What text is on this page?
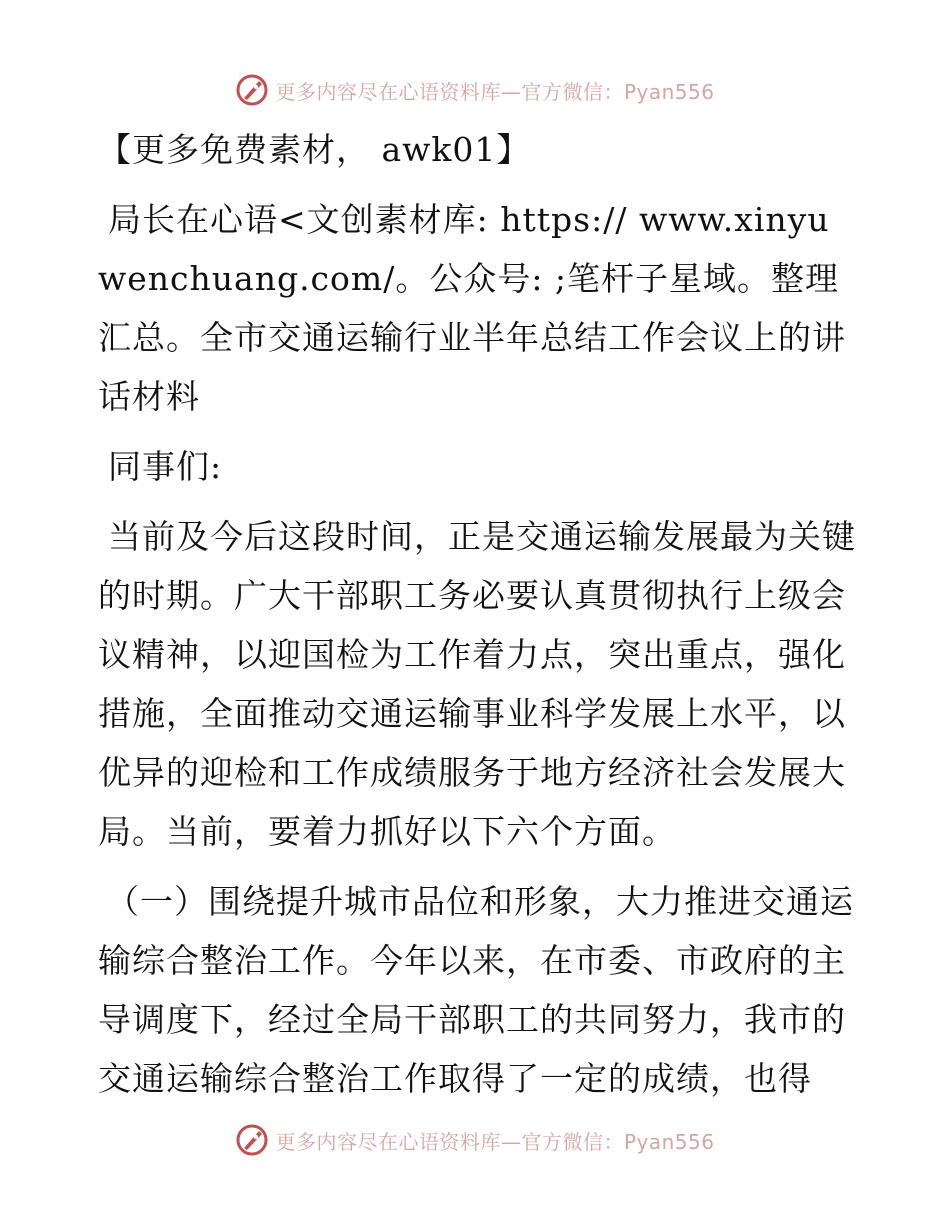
更多内容尽在心语资料库—官方微信：Pyan556

【更多免费素材， awk01】

局长在心语<文创素材库: https:// www.xinyuwenchuang.com/。公众号: ;笔杆子星域。整理汇总。全市交通运输行业半年总结工作会议上的讲话材料

同事们:

当前及今后这段时间，正是交通运输发展最为关键的时期。广大干部职工务必要认真贯彻执行上级会议精神，以迎国检为工作着力点，突出重点，强化措施，全面推动交通运输事业科学发展上水平，以优异的迎检和工作成绩服务于地方经济社会发展大局。当前，要着力抓好以下六个方面。

（一）围绕提升城市品位和形象，大力推进交通运输综合整治工作。今年以来，在市委、市政府的主导调度下，经过全局干部职工的共同努力，我市的交通运输综合整治工作取得了一定的成绩，也得

更多内容尽在心语资料库—官方微信：Pyan556
